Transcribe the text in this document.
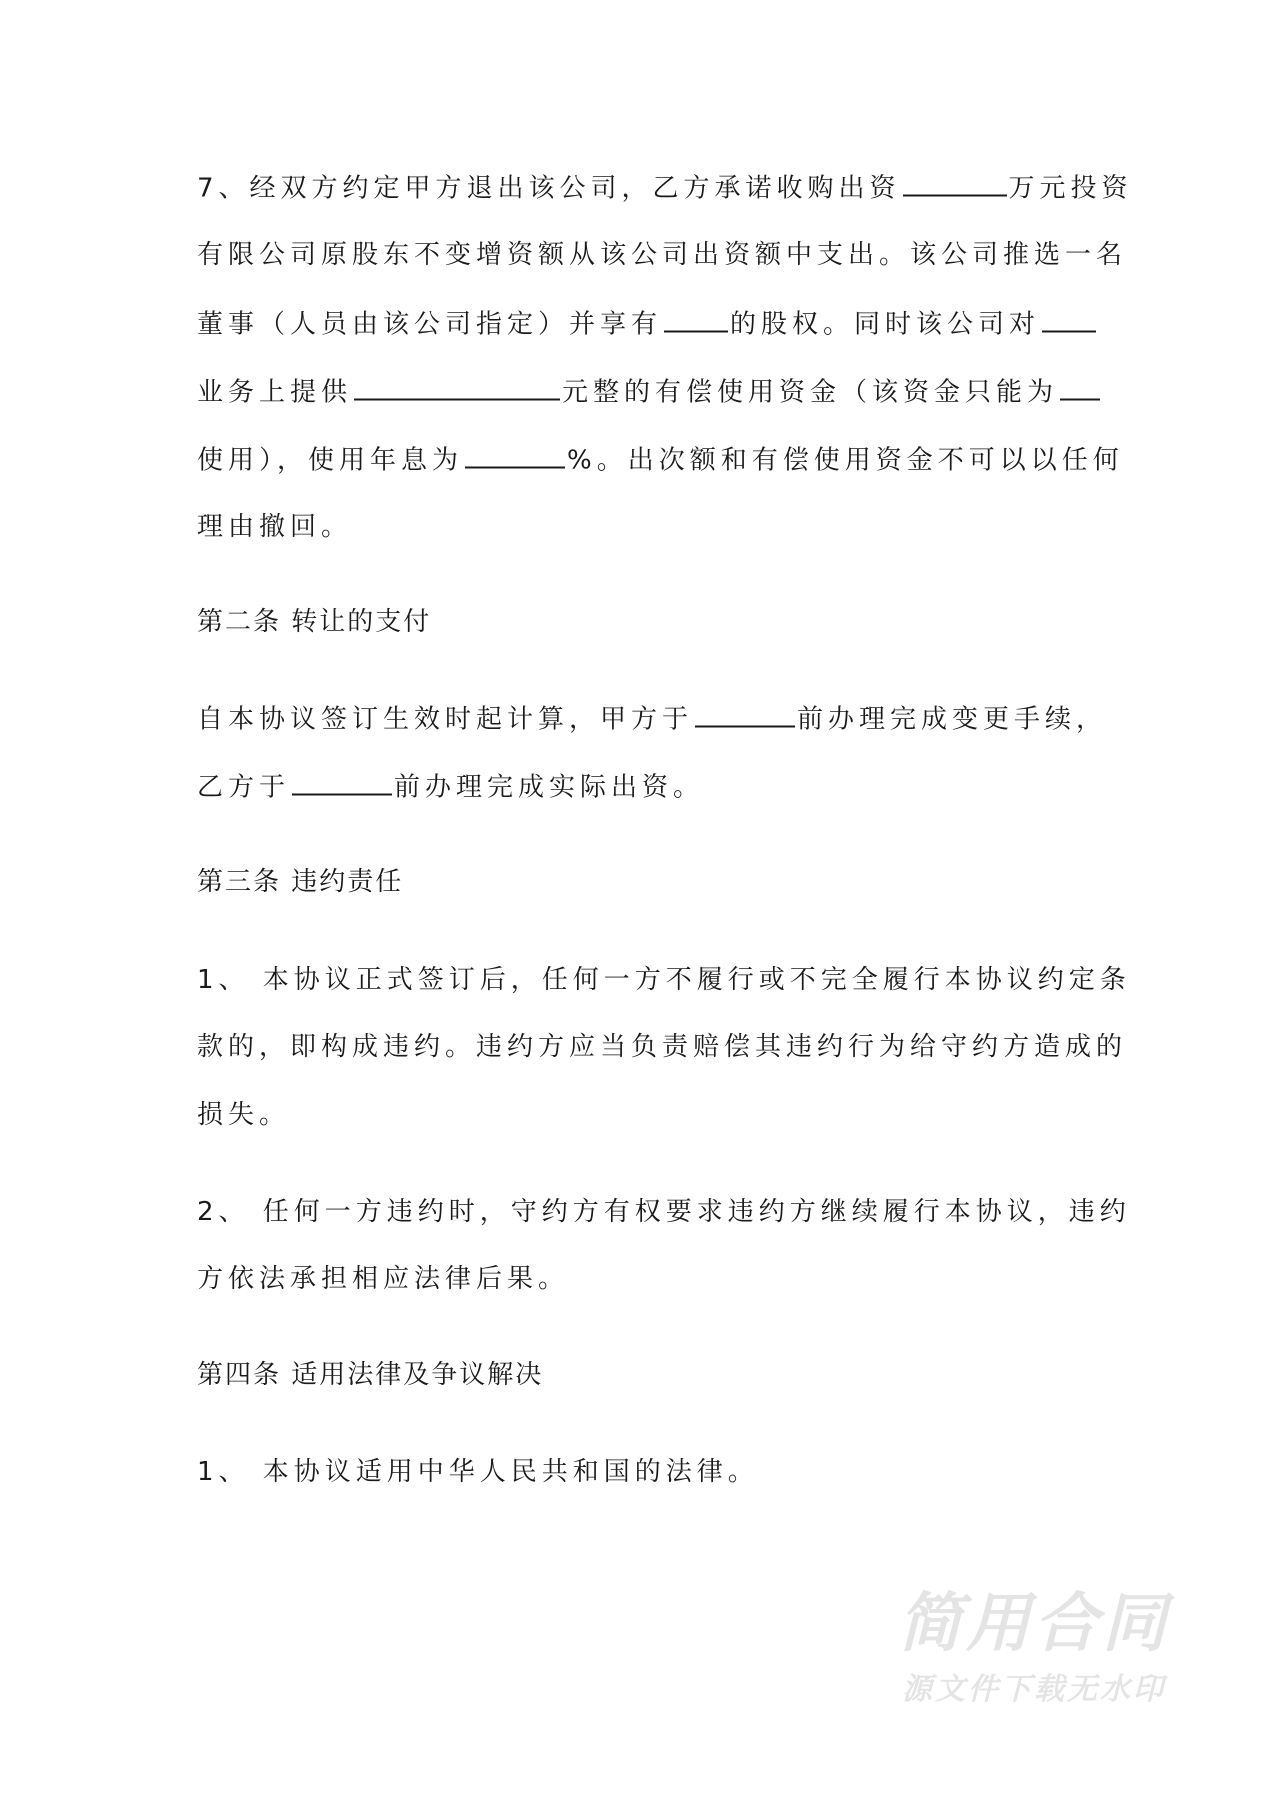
7、经双方约定甲方退出该公司，乙方承诺收购出资	万元投资
有限公司原股东不变增资额从该公司出资额中支出。该公司推选一名
董事（人员由该公司指定）并享有	的股权。同时该公司对
业务上提供	元整的有偿使用资金（该资金只能为
使用），使用年息为	%。出次额和有偿使用资金不可以以任何
理由撤回。
第二条 转让的支付
自本协议签订生效时起计算，甲方于	前办理完成变更手续，
乙方于	前办理完成实际出资。
第三条 违约责任
1、 本协议正式签订后，任何一方不履行或不完全履行本协议约定条
款的，即构成违约。违约方应当负责赔偿其违约行为给守约方造成的
损失。
2、 任何一方违约时，守约方有权要求违约方继续履行本协议，违约
方依法承担相应法律后果。
第四条 适用法律及争议解决
1、 本协议适用中华人民共和国的法律。
简用合同
源文件下载无水印
